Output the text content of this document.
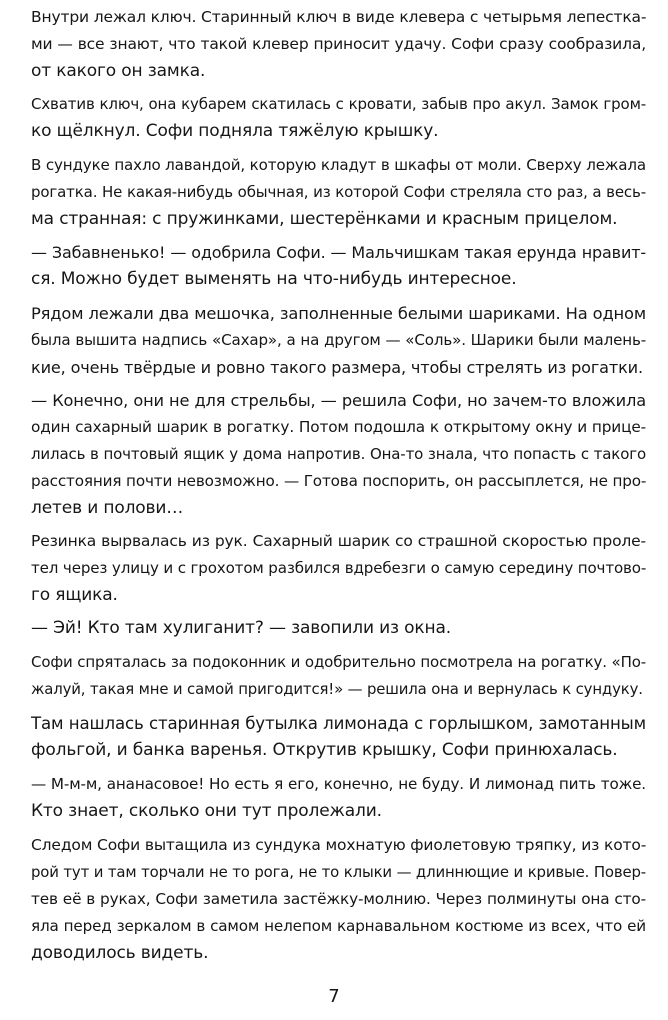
Внутри лежал ключ. Старинный ключ в виде клевера с четырьмя лепестка-
ми — все знают, что такой клевер приносит удачу. Софи сразу сообразила,
от какого он замка.
Схватив ключ, она кубарем скатилась с кровати, забыв про акул. Замок гром-
ко щёлкнул. Софи подняла тяжёлую крышку.
В сундуке пахло лавандой, которую кладут в шкафы от моли. Сверху лежала
рогатка. Не какая-нибудь обычная, из которой Софи стреляла сто раз, а весь-
ма странная: с пружинками, шестерёнками и красным прицелом.
— Забавненько! — одобрила Софи. — Мальчишкам такая ерунда нравит-
ся. Можно будет выменять на что-нибудь интересное.
Рядом лежали два мешочка, заполненные белыми шариками. На одном
была вышита надпись «Сахар», а на другом — «Соль». Шарики были малень-
кие, очень твёрдые и ровно такого размера, чтобы стрелять из рогатки.
— Конечно, они не для стрельбы, — решила Софи, но зачем-то вложила
один сахарный шарик в рогатку. Потом подошла к открытому окну и прице-
лилась в почтовый ящик у дома напротив. Она-то знала, что попасть с такого
расстояния почти невозможно. — Готова поспорить, он рассыплется, не про-
летев и полови…
Резинка вырвалась из рук. Сахарный шарик со страшной скоростью проле-
тел через улицу и с грохотом разбился вдребезги о самую середину почтово-
го ящика.
— Эй! Кто там хулиганит? — завопили из окна.
Софи спряталась за подоконник и одобрительно посмотрела на рогатку. «По-
жалуй, такая мне и самой пригодится!» — решила она и вернулась к сундуку.
Там нашлась старинная бутылка лимонада с горлышком, замотанным
фольгой, и банка варенья. Открутив крышку, Софи принюхалась.
— М-м-м, ананасовое! Но есть я его, конечно, не буду. И лимонад пить тоже.
Кто знает, сколько они тут пролежали.
Следом Софи вытащила из сундука мохнатую фиолетовую тряпку, из кото-
рой тут и там торчали не то рога, не то клыки — длиннющие и кривые. Повер-
тев её в руках, Софи заметила застёжку-молнию. Через полминуты она сто-
яла перед зеркалом в самом нелепом карнавальном костюме из всех, что ей
доводилось видеть.
7
